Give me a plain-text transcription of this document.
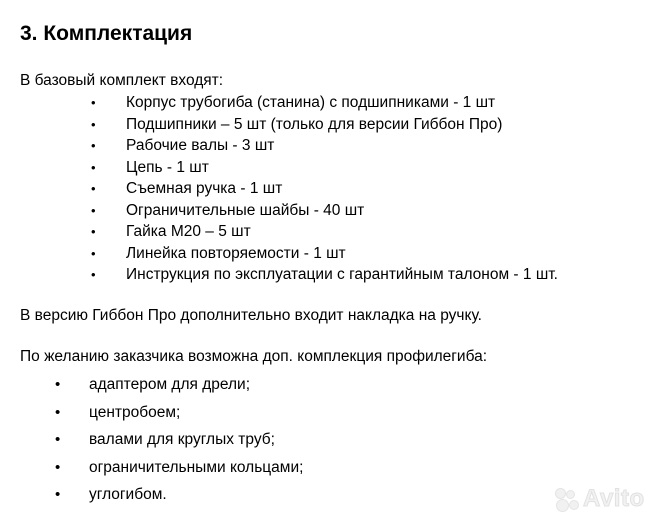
3. Комплектация

В базовый комплект входят:

• Корпус трубогиба (станина) с подшипниками - 1 шт
• Подшипники – 5 шт (только для версии Гиббон Про)
• Рабочие валы - 3 шт
• Цепь - 1 шт
• Съемная ручка - 1 шт
• Ограничительные шайбы - 40 шт
• Гайка М20 – 5 шт
• Линейка повторяемости - 1 шт
• Инструкция по эксплуатации с гарантийным талоном - 1 шт.

В версию Гиббон Про дополнительно входит накладка на ручку.

По желанию заказчика возможна доп. комплекция профилегиба:

• адаптером для дрели;
• центробоем;
• валами для круглых труб;
• ограничительными кольцами;
• углогибом.	Avito
